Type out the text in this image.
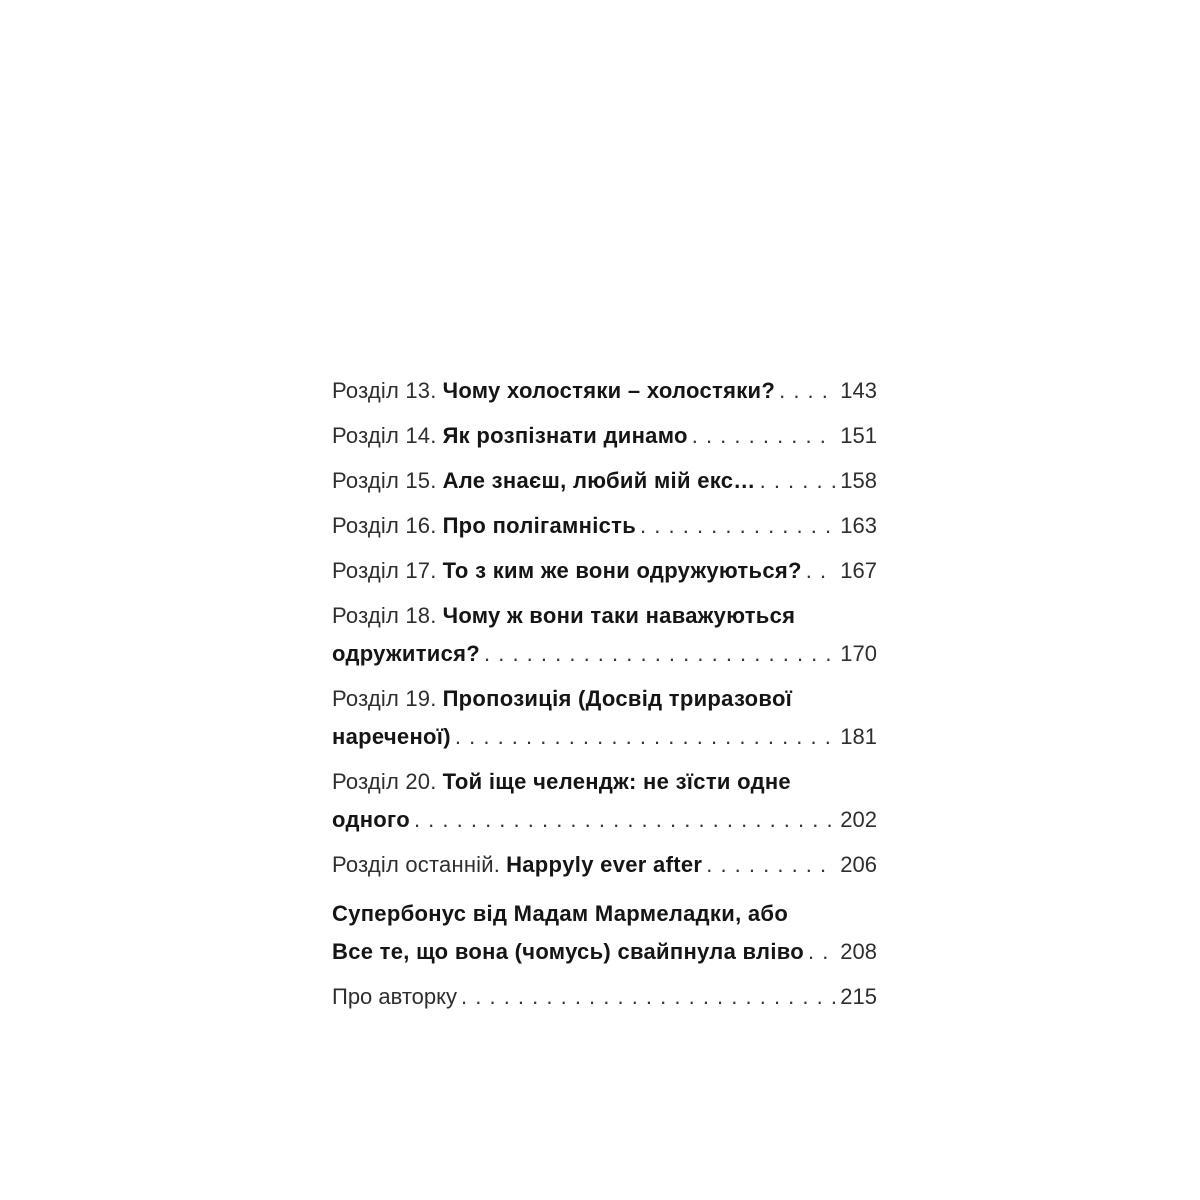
Розділ 13. Чому холостяки – холостяки? . . .	143
Розділ 14. Як розпізнати динамо . . .	151
Розділ 15. Але знаєш, любий мій екс… . . .	158
Розділ 16. Про полігамність . . .	163
Розділ 17. То з ким же вони одружуються? . . . 167
Розділ 18. Чому ж вони таки наважуються
одружитися? . . .	170
Розділ 19. Пропозиція (Досвід триразової
нареченої) . . .	181
Розділ 20. Той іще челендж: не зїсти одне
одного . . .	202
Розділ останній. Happyly ever after . . .	206
Супербонус від Мадам Мармеладки, або
Все те, що вона (чомусь) свайпнула вліво . . . 208
Про авторку . . .	215
